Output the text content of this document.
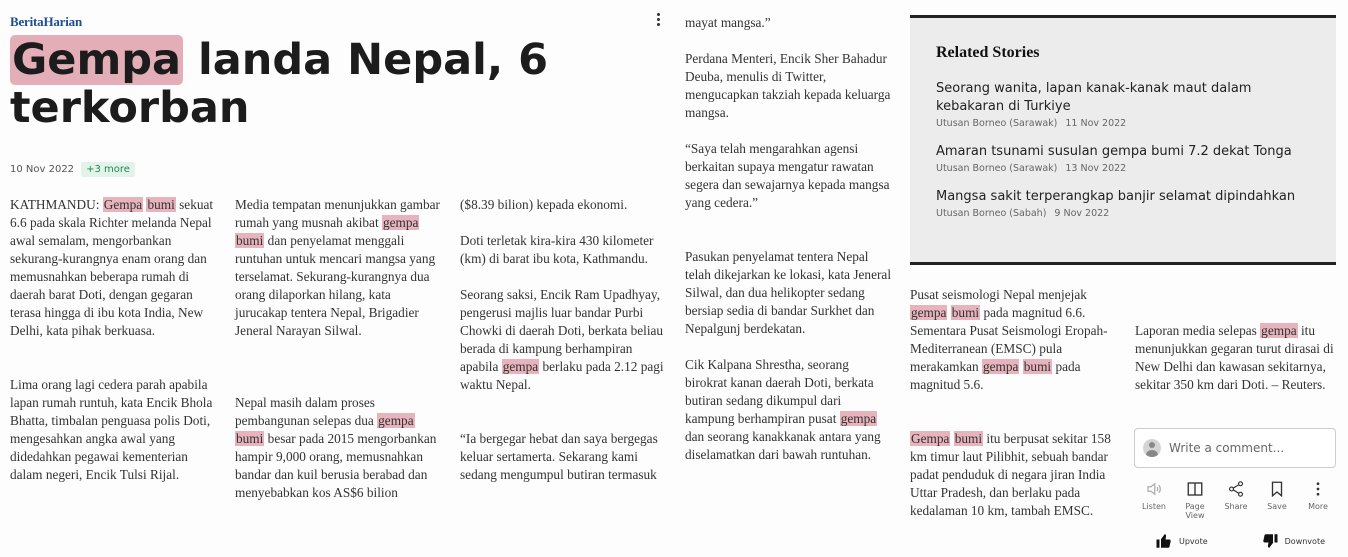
BeritaHarian
Gempa landa Nepal, 6 terkorban
10 Nov 2022	+3 more

KATHMANDU: Gempa bumi sekuat 6.6 pada skala Richter melanda Nepal awal semalam, mengorbankan sekurang-kurangnya enam orang dan memusnahkan beberapa rumah di daerah barat Doti, dengan gegaran terasa hingga di ibu kota India, New Delhi, kata pihak berkuasa.

Lima orang lagi cedera parah apabila lapan rumah runtuh, kata Encik Bhola Bhatta, timbalan penguasa polis Doti, mengesahkan angka awal yang didedahkan pegawai kementerian dalam negeri, Encik Tulsi Rijal.

Media tempatan menunjukkan gambar rumah yang musnah akibat gempa bumi dan penyelamat menggali runtuhan untuk mencari mangsa yang terselamat. Sekurang-kurangnya dua orang dilaporkan hilang, kata jurucakap tentera Nepal, Brigadier Jeneral Narayan Silwal.

Nepal masih dalam proses pembangunan selepas dua gempa bumi besar pada 2015 mengorbankan hampir 9,000 orang, memusnahkan bandar dan kuil berusia berabad dan menyebabkan kos AS$6 bilion

($8.39 bilion) kepada ekonomi.

Doti terletak kira-kira 430 kilometer (km) di barat ibu kota, Kathmandu.

Seorang saksi, Encik Ram Upadhyay, pengerusi majlis luar bandar Purbi Chowki di daerah Doti, berkata beliau berada di kampung berhampiran apabila gempa berlaku pada 2.12 pagi waktu Nepal.

“Ia bergegar hebat dan saya bergegas keluar sertamerta. Sekarang kami sedang mengumpul butiran termasuk

mayat mangsa.”

Perdana Menteri, Encik Sher Bahadur Deuba, menulis di Twitter, mengucapkan takziah kepada keluarga mangsa.

“Saya telah mengarahkan agensi berkaitan supaya mengatur rawatan segera dan sewajarnya kepada mangsa yang cedera.”

Pasukan penyelamat tentera Nepal telah dikejarkan ke lokasi, kata Jeneral Silwal, dan dua helikopter sedang bersiap sedia di bandar Surkhet dan Nepalgunj berdekatan.

Cik Kalpana Shrestha, seorang birokrat kanan daerah Doti, berkata butiran sedang dikumpul dari kampung berhampiran pusat gempa dan seorang kanakkanak antara yang diselamatkan dari bawah runtuhan.

Related Stories
Seorang wanita, lapan kanak-kanak maut dalam kebakaran di Turkiye
Utusan Borneo (Sarawak) 11 Nov 2022
Amaran tsunami susulan gempa bumi 7.2 dekat Tonga
Utusan Borneo (Sarawak) 13 Nov 2022
Mangsa sakit terperangkap banjir selamat dipindahkan
Utusan Borneo (Sabah) 9 Nov 2022

Pusat seismologi Nepal menjejak gempa bumi pada magnitud 6.6. Sementara Pusat Seismologi Eropah-Mediterranean (EMSC) pula merakamkan gempa bumi pada magnitud 5.6.

Gempa bumi itu berpusat sekitar 158 km timur laut Pilibhit, sebuah bandar padat penduduk di negara jiran India Uttar Pradesh, dan berlaku pada kedalaman 10 km, tambah EMSC.

Laporan media selepas gempa itu menunjukkan gegaran turut dirasai di New Delhi dan kawasan sekitarnya, sekitar 350 km dari Doti. – Reuters.

Write a comment...
Listen	Page View
Share	Save	More
Upvote	Downvote
